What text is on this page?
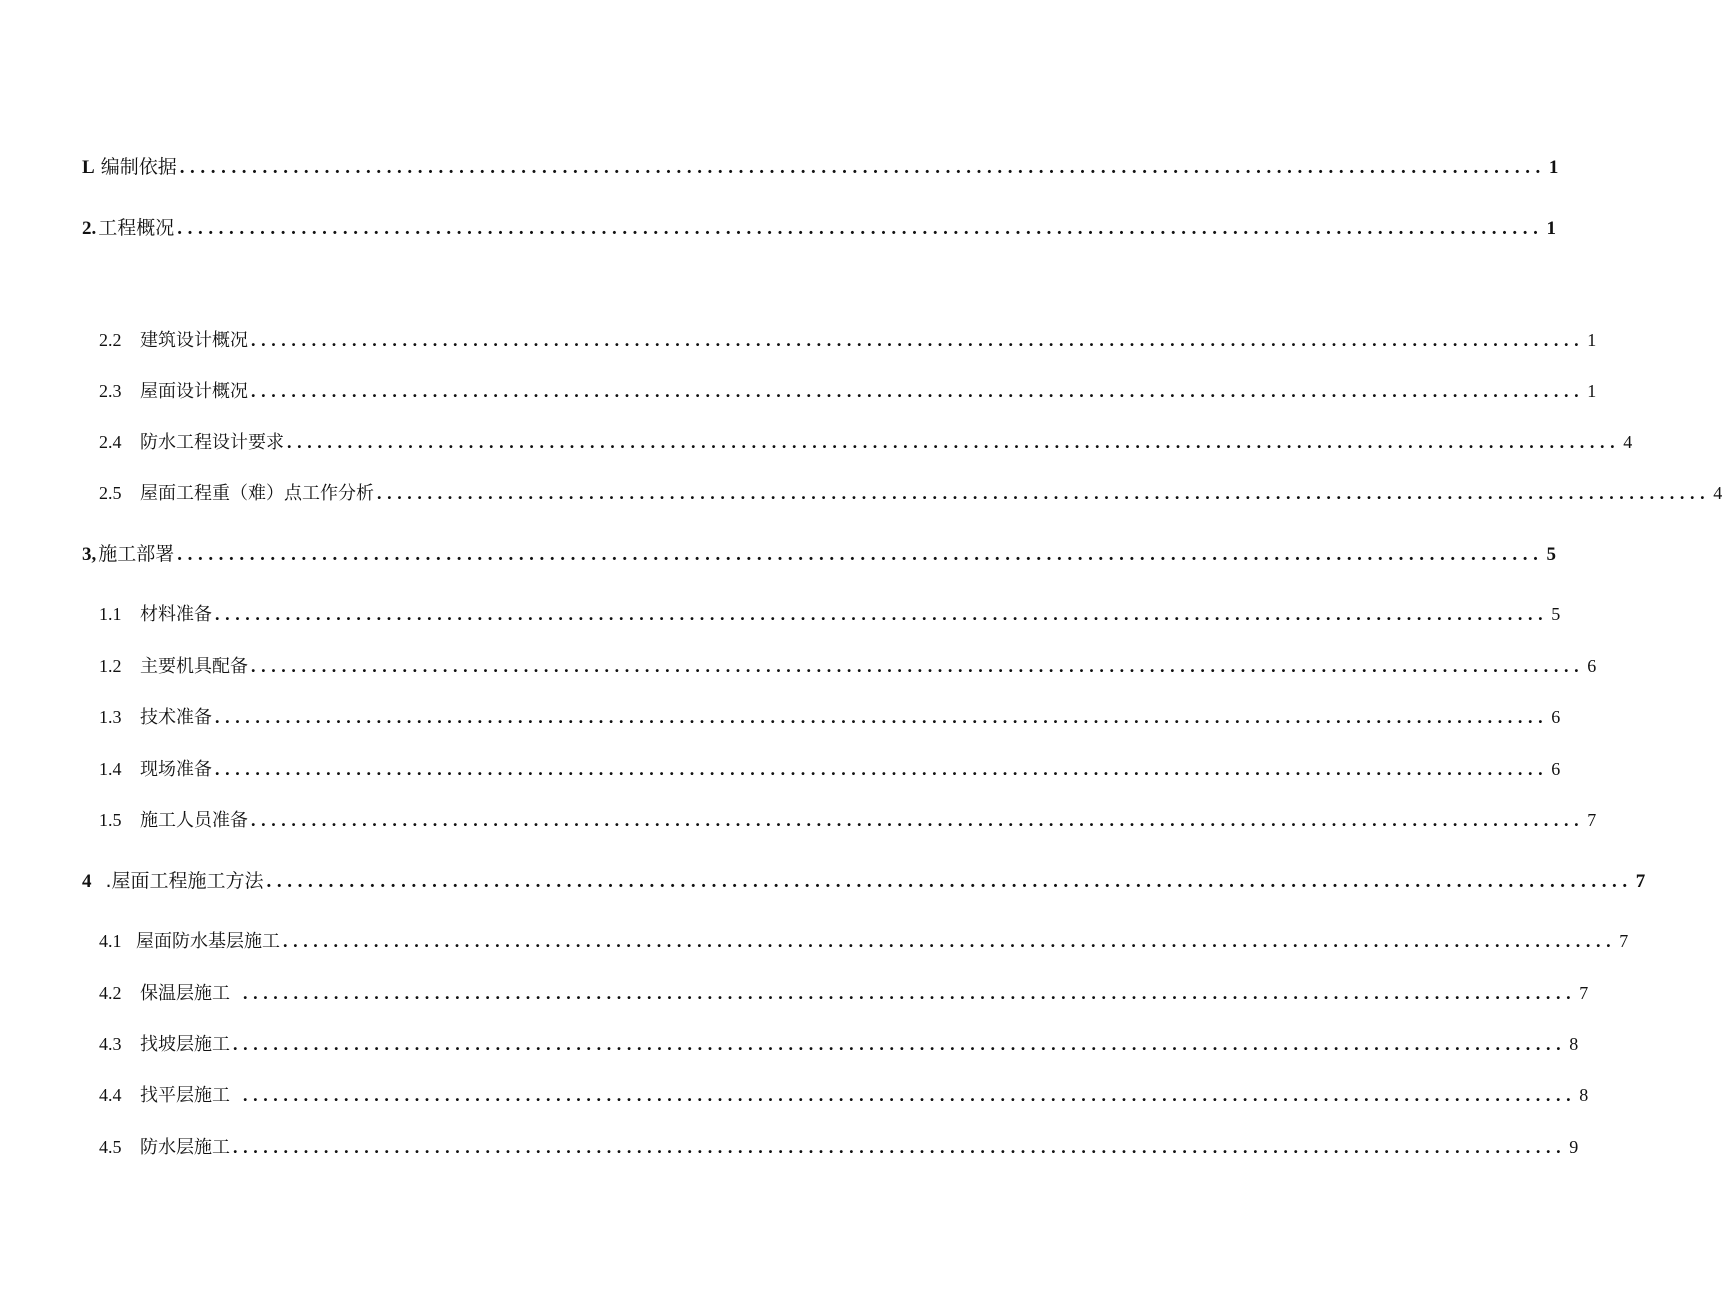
L 编制依据 .................................................................................................................................... 1
2. 工程概况 .................................................................................................................................... 1
2.2	建筑设计概况 .................................................................................................................................... 1
2.3	屋面设计概况 .................................................................................................................................... 1
2.4	防水工程设计要求 .................................................................................................................................... 4
2.5	屋面工程重（难）点工作分析 .................................................................................................................................... 4
3, 施工部署 .................................................................................................................................... 5
1.1	材料准备 .................................................................................................................................... 5
1.2	主要机具配备 .................................................................................................................................... 6
1.3	技术准备 .................................................................................................................................... 6
1.4	现场准备 .................................................................................................................................... 6
1.5	施工人员准备 .................................................................................................................................... 7
4 .屋面工程施工方法 .................................................................................................................................... 7
4.1 屋面防水基层施工 .................................................................................................................................... 7
4.2	保温层施工 .................................................................................................................................... 7
4.3	找坡层施工 .................................................................................................................................... 8
4.4	找平层施工 .................................................................................................................................... 8
4.5	防水层施工 .................................................................................................................................... 9
